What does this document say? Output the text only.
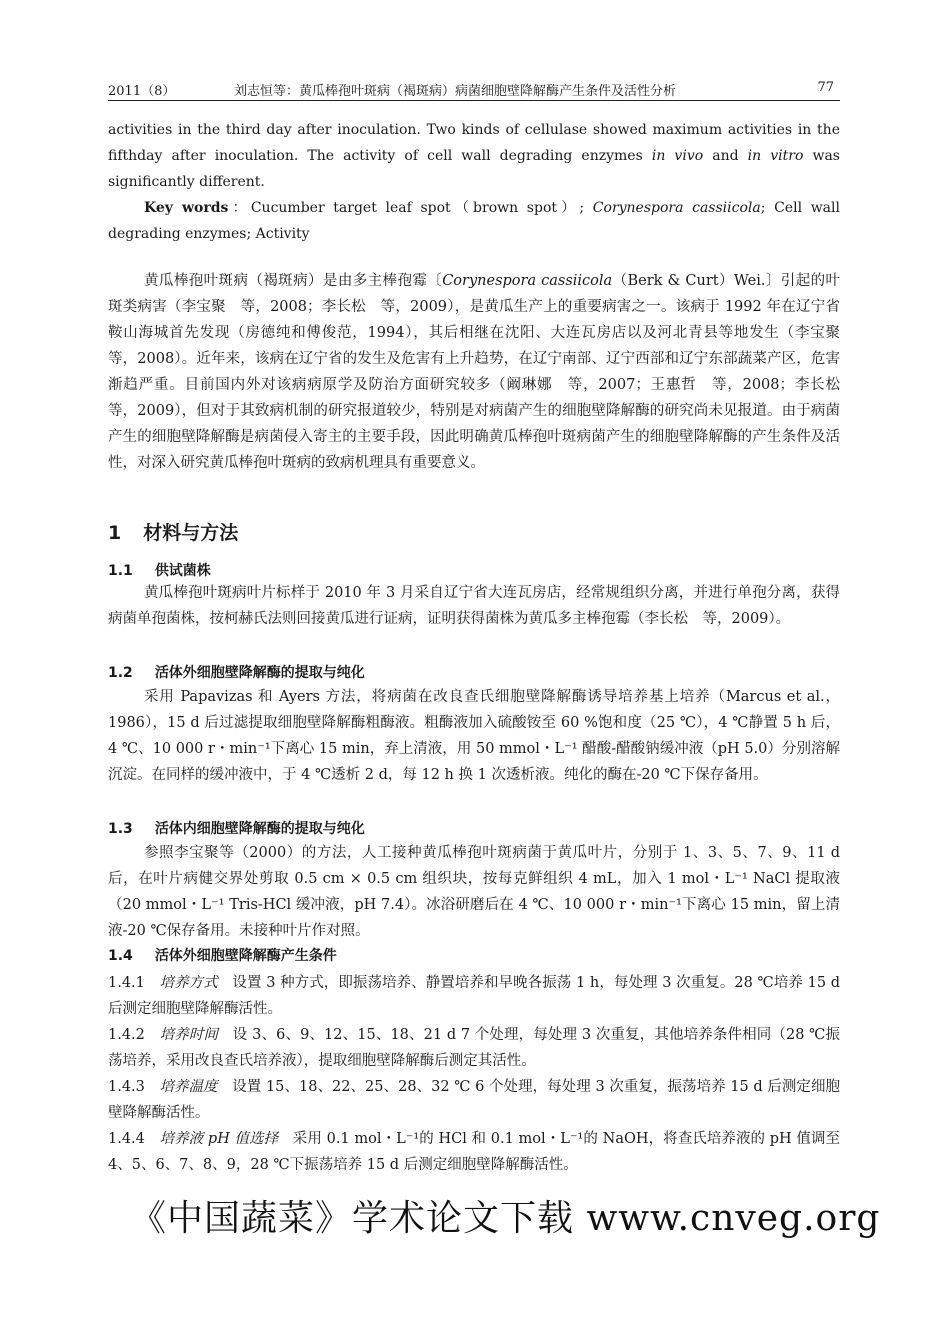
2011（8）	刘志恒等：黄瓜棒孢叶斑病（褐斑病）病菌细胞壁降解酶产生条件及活性分析	77

activities in the third day after inoculation. Two kinds of cellulase showed maximum activities in the fifthday after inoculation. The activity of cell wall degrading enzymes in vivo and in vitro was significantly different.

Key words：Cucumber target leaf spot（brown spot）; Corynespora cassiicola; Cell wall degrading enzymes; Activity

黄瓜棒孢叶斑病（褐斑病）是由多主棒孢霉〔Corynespora cassiicola（Berk & Curt）Wei.〕引起的叶斑类病害（李宝聚　等，2008；李长松　等，2009），是黄瓜生产上的重要病害之一。该病于 1992 年在辽宁省鞍山海城首先发现（房德纯和傅俊范，1994），其后相继在沈阳、大连瓦房店以及河北青县等地发生（李宝聚　等，2008）。近年来，该病在辽宁省的发生及危害有上升趋势，在辽宁南部、辽宁西部和辽宁东部蔬菜产区，危害渐趋严重。目前国内外对该病病原学及防治方面研究较多（阚琳娜　等，2007；王惠哲　等，2008；李长松　等，2009），但对于其致病机制的研究报道较少，特别是对病菌产生的细胞壁降解酶的研究尚未见报道。由于病菌产生的细胞壁降解酶是病菌侵入寄主的主要手段，因此明确黄瓜棒孢叶斑病菌产生的细胞壁降解酶的产生条件及活性，对深入研究黄瓜棒孢叶斑病的致病机理具有重要意义。

1 材料与方法
1.1 供试菌株

黄瓜棒孢叶斑病叶片标样于 2010 年 3 月采自辽宁省大连瓦房店，经常规组织分离，并进行单孢分离，获得病菌单孢菌株，按柯赫氏法则回接黄瓜进行证病，证明获得菌株为黄瓜多主棒孢霉（李长松　等，2009）。

1.2 活体外细胞壁降解酶的提取与纯化

采用 Papavizas 和 Ayers 方法，将病菌在改良查氏细胞壁降解酶诱导培养基上培养（Marcus et al.，1986），15 d 后过滤提取细胞壁降解酶粗酶液。粗酶液加入硫酸铵至 60 %饱和度（25 ℃），4 ℃静置 5 h 后，4 ℃、10 000 r・min⁻¹下离心 15 min，弃上清液，用 50 mmol・L⁻¹ 醋酸-醋酸钠缓冲液（pH 5.0）分别溶解沉淀。在同样的缓冲液中，于 4 ℃透析 2 d，每 12 h 换 1 次透析液。纯化的酶在-20 ℃下保存备用。

1.3 活体内细胞壁降解酶的提取与纯化

参照李宝聚等（2000）的方法，人工接种黄瓜棒孢叶斑病菌于黄瓜叶片，分别于 1、3、5、7、9、11 d 后，在叶片病健交界处剪取 0.5 cm × 0.5 cm 组织块，按每克鲜组织 4 mL，加入 1 mol・L⁻¹ NaCl 提取液（20 mmol・L⁻¹ Tris-HCl 缓冲液，pH 7.4）。冰浴研磨后在 4 ℃、10 000 r・min⁻¹下离心 15 min，留上清液-20 ℃保存备用。未接种叶片作对照。

1.4 活体外细胞壁降解酶产生条件

1.4.1　 培养方式　 设置 3 种方式，即振荡培养、静置培养和早晚各振荡 1 h，每处理 3 次重复。28 ℃培养 15 d 后测定细胞壁降解酶活性。

1.4.2　 培养时间　 设 3、6、9、12、15、18、21 d 7 个处理，每处理 3 次重复，其他培养条件相同（28 ℃振荡培养，采用改良查氏培养液），提取细胞壁降解酶后测定其活性。

1.4.3　 培养温度　 设置 15、18、22、25、28、32 ℃ 6 个处理，每处理 3 次重复，振荡培养 15 d 后测定细胞壁降解酶活性。

1.4.4　 培养液 pH 值选择　 采用 0.1 mol・L⁻¹的 HCl 和 0.1 mol・L⁻¹的 NaOH，将查氏培养液的 pH 值调至 4、5、6、7、8、9，28 ℃下振荡培养 15 d 后测定细胞壁降解酶活性。

《中国蔬菜》学术论文下载 www.cnveg.org
